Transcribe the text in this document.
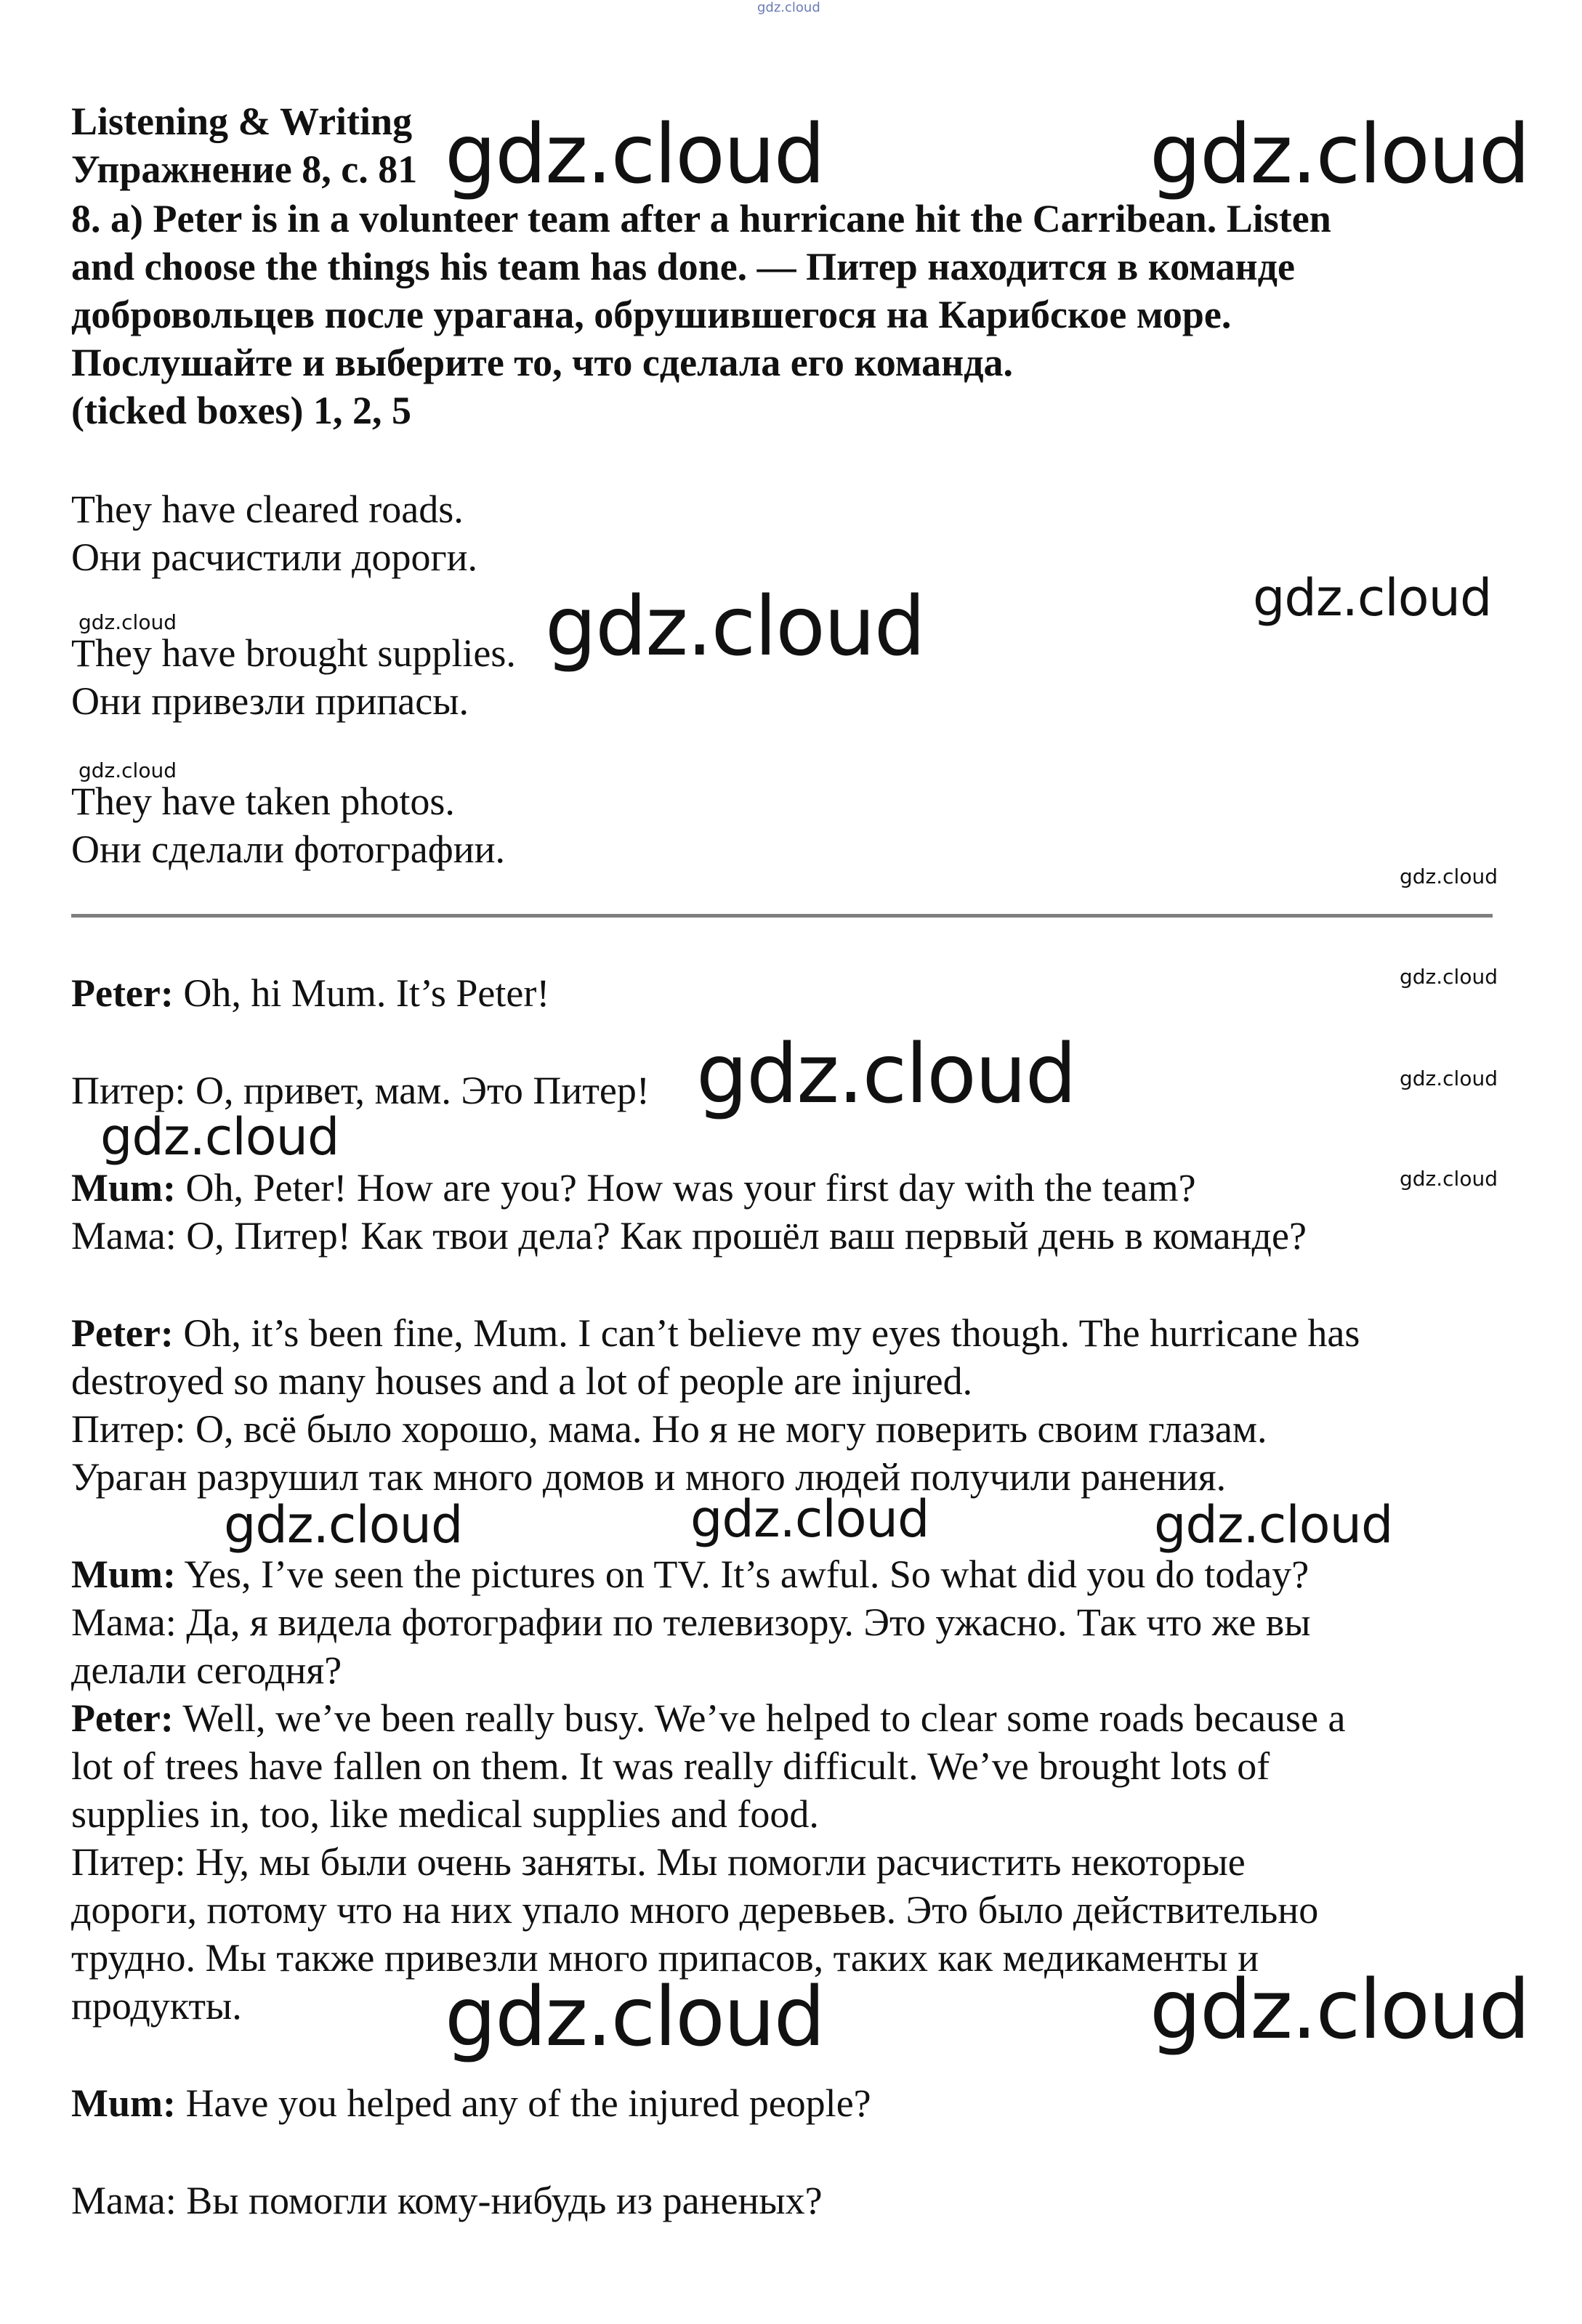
gdz.cloud
Listening & Writing
Упражнение 8, с. 81
8. a) Peter is in a volunteer team after a hurricane hit the Carribean. Listen
and choose the things his team has done. — Питер находится в команде
добровольцев после урагана, обрушившегося на Карибское море.
Послушайте и выберите то, что сделала его команда.
(ticked boxes) 1, 2, 5
They have cleared roads.
Они расчистили дороги.
They have brought supplies.
Они привезли припасы.
They have taken photos.
Они сделали фотографии.
Peter: Oh, hi Mum. It’s Peter!
Питер: О, привет, мам. Это Питер!
Mum: Oh, Peter! How are you? How was your first day with the team?
Мама: О, Питер! Как твои дела? Как прошёл ваш первый день в команде?
Peter: Oh, it’s been fine, Mum. I can’t believe my eyes though. The hurricane has
destroyed so many houses and a lot of people are injured.
Питер: О, всё было хорошо, мама. Но я не могу поверить своим глазам.
Ураган разрушил так много домов и много людей получили ранения.
Mum: Yes, I’ve seen the pictures on TV. It’s awful. So what did you do today?
Мама: Да, я видела фотографии по телевизору. Это ужасно. Так что же вы
делали сегодня?
Peter: Well, we’ve been really busy. We’ve helped to clear some roads because a
lot of trees have fallen on them. It was really difficult. We’ve brought lots of
supplies in, too, like medical supplies and food.
Питер: Ну, мы были очень заняты. Мы помогли расчистить некоторые
дороги, потому что на них упало много деревьев. Это было действительно
трудно. Мы также привезли много припасов, таких как медикаменты и
продукты.
Mum: Have you helped any of the injured people?
Мама: Вы помогли кому-нибудь из раненых?
gdz.cloud	gdz.cloud
gdz.cloud
gdz.cloud	gdz.cloud
gdz.cloud
gdz.cloud
gdz.cloud
gdz.cloud	gdz.cloud
gdz.cloud
gdz.cloud
gdz.cloud	gdz.cloud	gdz.cloud
gdz.cloud	gdz.cloud
